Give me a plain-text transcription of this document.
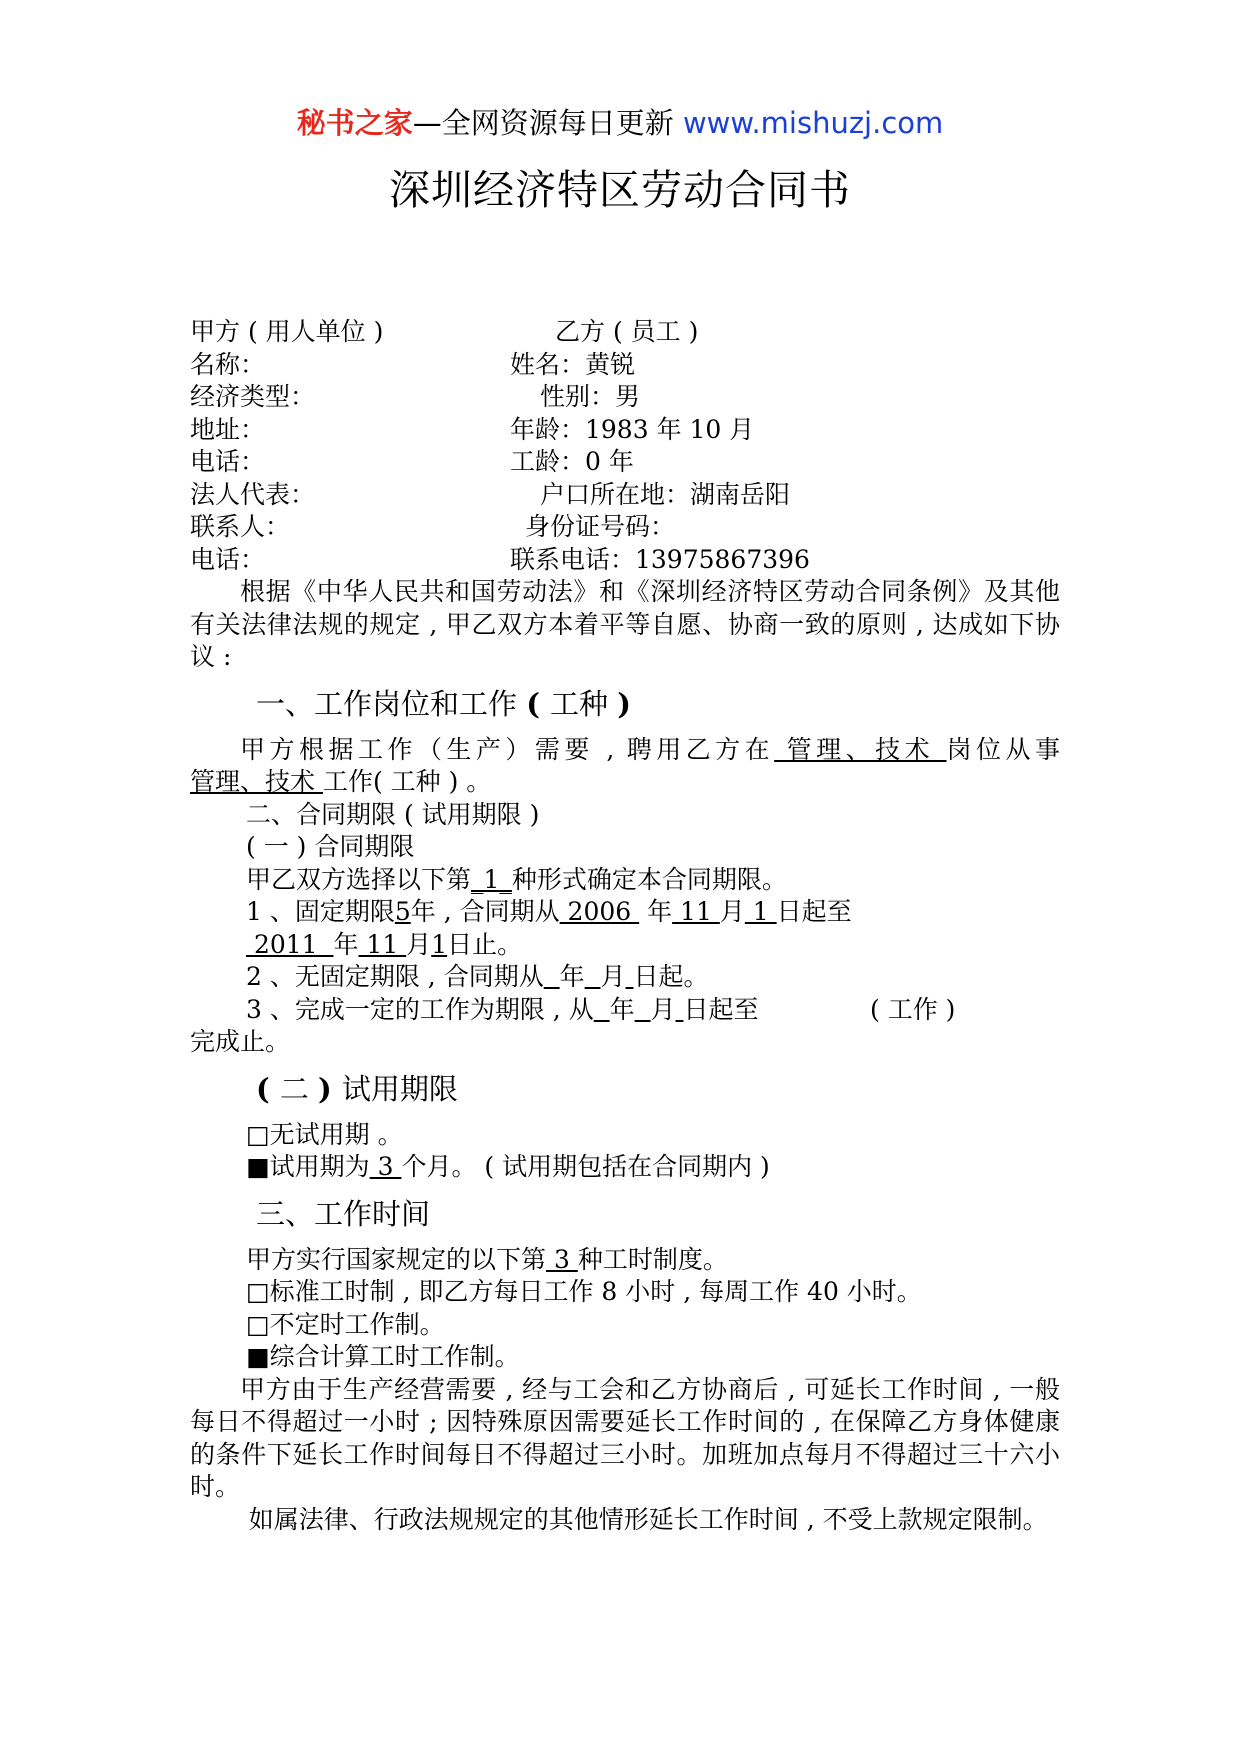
秘书之家—全网资源每日更新 www.mishuzj.com
深圳经济特区劳动合同书
甲方 ( 用人单位 )	乙方 ( 员工 )
名称：	姓名：黄锐
经济类型：	性别：男
地址：	年龄：1983 年 10 月
电话：	工龄：0 年
法人代表：	户口所在地：湖南岳阳
联系人：	身份证号码：
电话：	联系电话：13975867396
根据《中华人民共和国劳动法》和《深圳经济特区劳动合同条例》及其他有关法律法规的规定 , 甲乙双方本着平等自愿、协商一致的原则 , 达成如下协议 :
一、工作岗位和工作 ( 工种 )
甲方根据工作（生产）需要 , 聘用乙方在 管理、技术 岗位从事管理、技术 工作( 工种 ) 。
二、合同期限 ( 试用期限 )
( 一 ) 合同期限
甲乙双方选择以下第_1_种形式确定本合同期限。
1 、固定期限5年 , 合同期从 2006  年 11 月 1 日起至
2011  年 11 月1日止。
2 、无固定期限 , 合同期从 年 月 日起。
3 、完成一定的工作为期限 , 从 年 月 日起至	( 工作 )
完成止。
( 二 ) 试用期限
□无试用期 。
■试用期为 3 个月。 ( 试用期包括在合同期内 )
三、工作时间
甲方实行国家规定的以下第 3 种工时制度。
□标准工时制 , 即乙方每日工作 8 小时 , 每周工作 40 小时。
□不定时工作制。
■综合计算工时工作制。
甲方由于生产经营需要 , 经与工会和乙方协商后 , 可延长工作时间 , 一般每日不得超过一小时 ; 因特殊原因需要延长工作时间的 , 在保障乙方身体健康的条件下延长工作时间每日不得超过三小时。加班加点每月不得超过三十六小时。
如属法律、行政法规规定的其他情形延长工作时间 , 不受上款规定限制。
